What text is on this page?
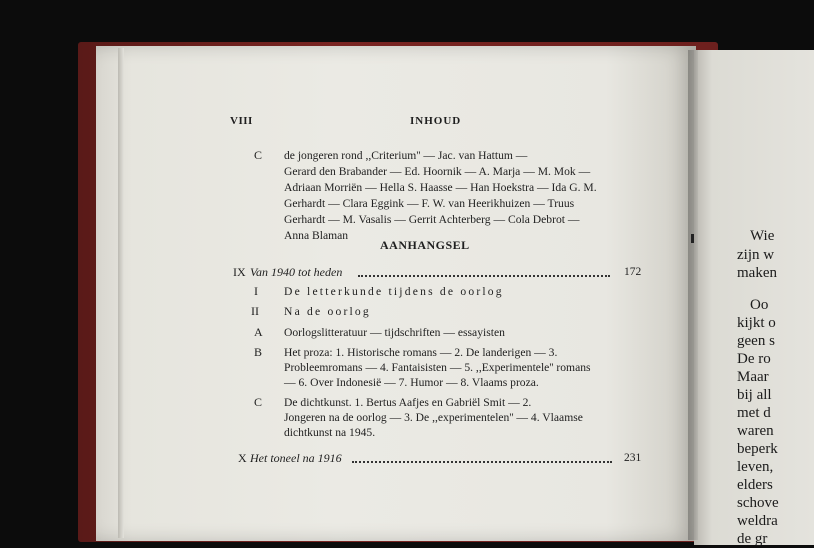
VIII	INHOUD
C de jongeren rond ,,Criterium'' — Jac. van Hattum —
Gerard den Brabander — Ed. Hoornik — A. Marja — M. Mok —
Adriaan Morriën — Hella S. Haasse — Han Hoekstra — Ida G. M.
Gerhardt — Clara Eggink — F. W. van Heerikhuizen — Truus
Gerhardt — M. Vasalis — Gerrit Achterberg — Cola Debrot —
Anna Blaman
AANHANGSEL
IX Van 1940 tot heden	172
I De letterkunde tijdens de oorlog
II Na de oorlog
A Oorlogslitteratuur — tijdschriften — essayisten
B Het proza: 1. Historische romans — 2. De landerigen — 3.
Probleemromans — 4. Fantaisisten — 5. ,,Experimentele'' romans
— 6. Over Indonesië — 7. Humor — 8. Vlaams proza.
C De dichtkunst. 1. Bertus Aafjes en Gabriël Smit — 2.
Jongeren na de oorlog — 3. De ,,experimentelen'' — 4. Vlaamse
dichtkunst na 1945.
X Het toneel na 1916	231
Wie
zijn w
maken
Oo
kijkt o
geen s
De ro
Maar
bij all
met d
waren
beperk
leven,
elders
schove
weldra
de gr
